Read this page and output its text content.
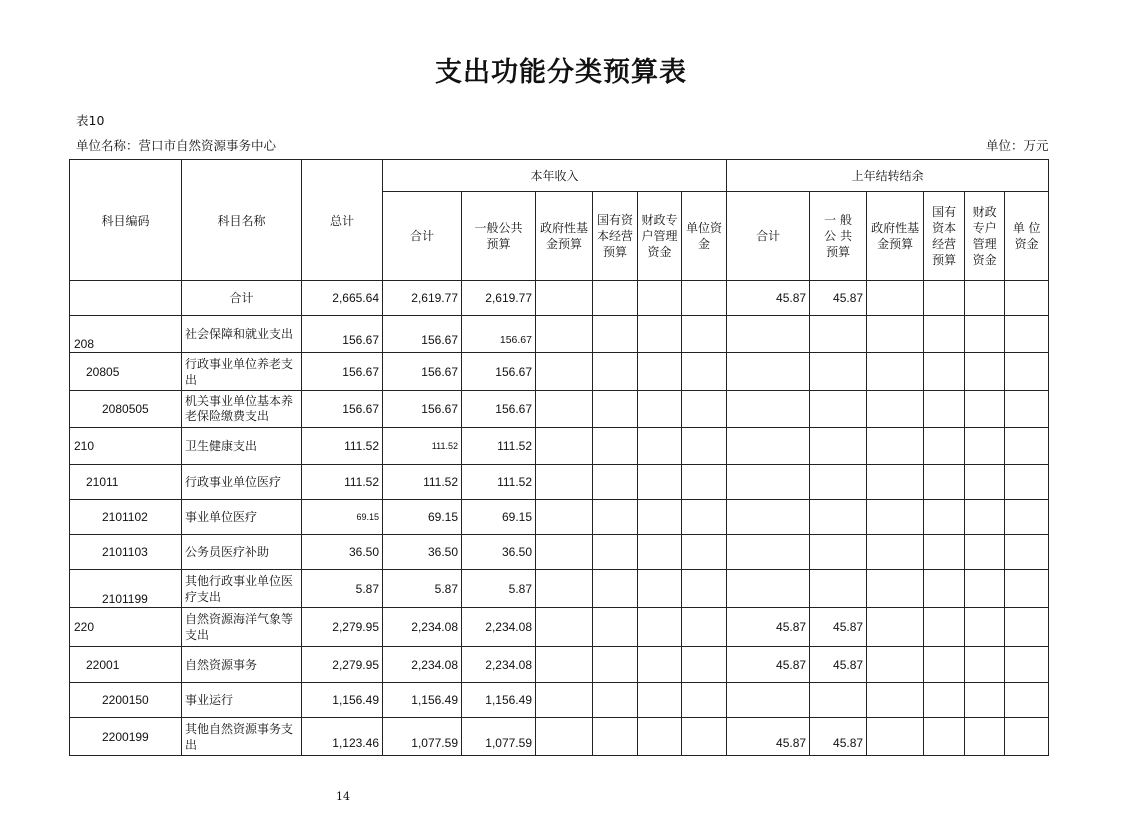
支出功能分类预算表
表10
单位名称：营口市自然资源事务中心	单位：万元
科目编码	科目名称	总计	本年收入						上年结转结余					
			合计	一般公共预算	政府性基金预算	国有资本经营预算	财政专户管理资金	单位资金	合计	一 般 公 共 预算	政府性基金预算	国有资本经营预算	财政专户管理资金	单 位 资金
	合计	2,665.64	2,619.77	2,619.77					45.87	45.87				
208	社会保障和就业支出	156.67	156.67	156.67										
20805	行政事业单位养老支出	156.67	156.67	156.67										
2080505	机关事业单位基本养老保险缴费支出	156.67	156.67	156.67										
210	卫生健康支出	111.52	111.52	111.52										
21011	行政事业单位医疗	111.52	111.52	111.52										
2101102	事业单位医疗	69.15	69.15	69.15										
2101103	公务员医疗补助	36.50	36.50	36.50										
2101199	其他行政事业单位医疗支出	5.87	5.87	5.87										
220	自然资源海洋气象等支出	2,279.95	2,234.08	2,234.08					45.87	45.87				
22001	自然资源事务	2,279.95	2,234.08	2,234.08					45.87	45.87				
2200150	事业运行	1,156.49	1,156.49	1,156.49										
2200199	其他自然资源事务支出	1,123.46	1,077.59	1,077.59					45.87	45.87				
14
